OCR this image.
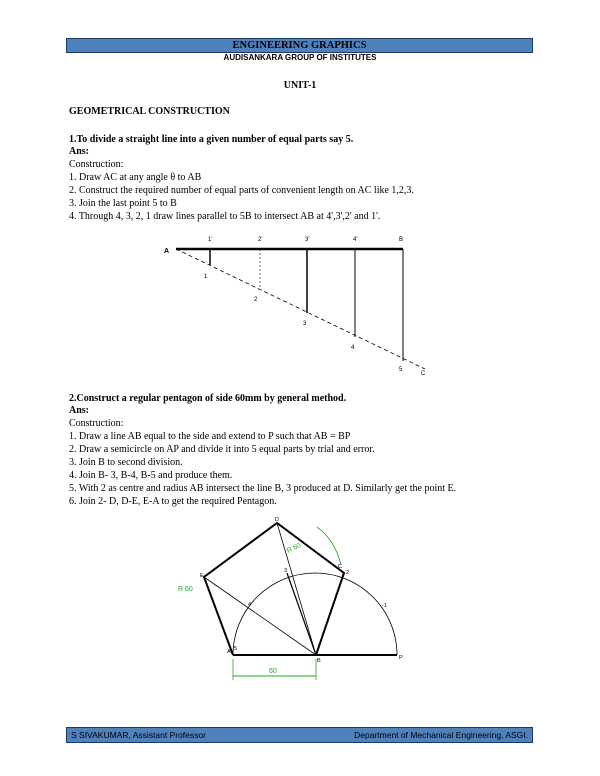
ENGINEERING GRAPHICS
AUDISANKARA GROUP OF INSTITUTES
UNIT-1
GEOMETRICAL CONSTRUCTION
1.To divide a straight line into a given number of equal parts say 5.
Ans:
Construction:
1. Draw AC at any angle θ to AB
2. Construct the required number of equal parts of convenient length on AC like 1,2,3.
3. Join the last point 5 to B
4. Through 4, 3, 2, 1 draw lines parallel to 5B to intersect AB at 4',3',2' and 1'.
A
B
C
1'	2'	3'	4'
1
2
3
4
5
2.Construct a regular pentagon of side 60mm by general method.
Ans:
Construction:
1. Draw a line AB equal to the side and extend to P such that AB = BP
2. Draw a semicircle on AP and divide it into 5 equal parts by trial and error.
3. Join B to second division.
4. Join B- 3, B-4, B-5 and produce them.
5. With 2 as centre and radius AB intersect the line B, 3 produced at D. Similarly get the point E.
6. Join 2- D, D-E, E-A to get the required Pentagon.
60
R 60
R 60
D
E
C
2
3
4
5
-1
A
B	P
S SIVAKUMAR, Assistant Professor	Department of Mechanical Engineering, ASGI.
